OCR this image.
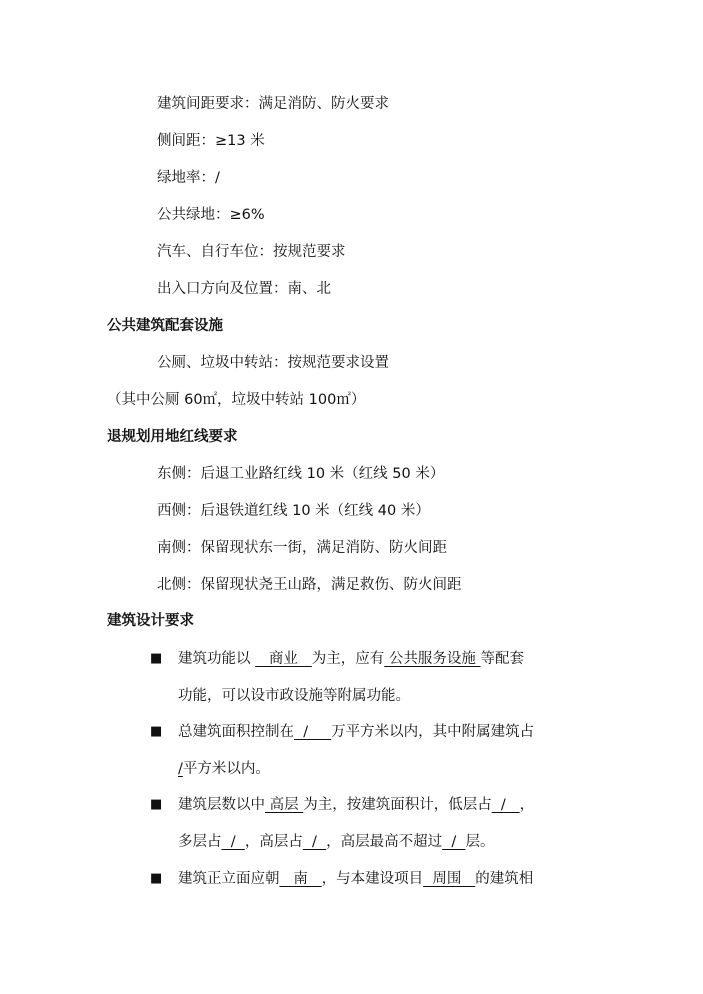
建筑间距要求：满足消防、防火要求
侧间距：≥13 米
绿地率：/
公共绿地：≥6%
汽车、自行车位：按规范要求
出入口方向及位置：南、北
公共建筑配套设施
公厕、垃圾中转站：按规范要求设置
（其中公厕 60㎡，垃圾中转站 100㎡）
退规划用地红线要求
东侧：后退工业路红线 10 米（红线 50 米）
西侧：后退铁道红线 10 米（红线 40 米）
南侧：保留现状东一街，满足消防、防火间距
北侧：保留现状尧王山路，满足救伤、防火间距
建筑设计要求
■ 建筑功能以    商业   为主，应有 公共服务设施 等配套
功能，可以设市政设施等附属功能。
■ 总建筑面积控制在  /     万平方米以内，其中附属建筑占
/平方米以内。
■ 建筑层数以中 高层 为主，按建筑面积计，低层占  /   ，
多层占  /  ，高层占  /  ，高层最高不超过  /  层。
■ 建筑正立面应朝   南   ，与本建设项目  周围   的建筑相
